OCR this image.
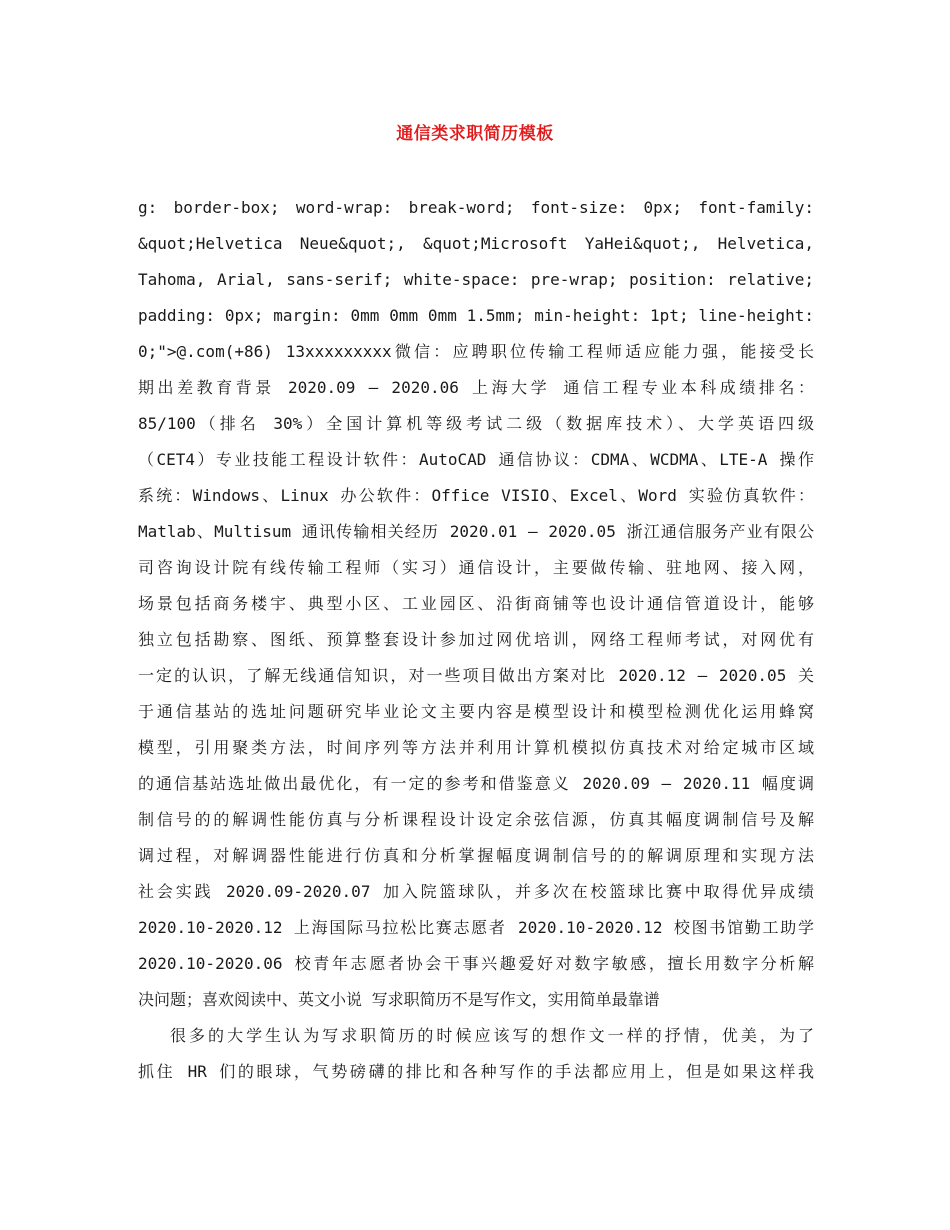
通信类求职简历模板

g: border-box; word-wrap: break-word; font-size: 0px; font-family:

&quot;Helvetica Neue&quot;, &quot;Microsoft YaHei&quot;, Helvetica,

Tahoma, Arial, sans-serif; white-space: pre-wrap; position: relative;

padding: 0px; margin: 0mm 0mm 0mm 1.5mm; min-height: 1pt; line-height:

0;">@.com(+86) 13xxxxxxxxx微信：应聘职位传输工程师适应能力强，能接受长

期出差教育背景 2020.09 – 2020.06 上海大学 通信工程专业本科成绩排名：

85/100（排名 30%）全国计算机等级考试二级（数据库技术）、大学英语四级

（CET4）专业技能工程设计软件：AutoCAD 通信协议：CDMA、WCDMA、LTE-A 操作

系统：Windows、Linux 办公软件：Office VISIO、Excel、Word 实验仿真软件：

Matlab、Multisum 通讯传输相关经历 2020.01 – 2020.05 浙江通信服务产业有限公

司咨询设计院有线传输工程师（实习）通信设计，主要做传输、驻地网、接入网，

场景包括商务楼宇、典型小区、工业园区、沿街商铺等也设计通信管道设计，能够

独立包括勘察、图纸、预算整套设计参加过网优培训，网络工程师考试，对网优有

一定的认识，了解无线通信知识，对一些项目做出方案对比 2020.12 – 2020.05 关

于通信基站的选址问题研究毕业论文主要内容是模型设计和模型检测优化运用蜂窝

模型，引用聚类方法，时间序列等方法并利用计算机模拟仿真技术对给定城市区域

的通信基站选址做出最优化，有一定的参考和借鉴意义 2020.09 – 2020.11 幅度调

制信号的的解调性能仿真与分析课程设计设定余弦信源，仿真其幅度调制信号及解

调过程，对解调器性能进行仿真和分析掌握幅度调制信号的的解调原理和实现方法

社会实践 2020.09-2020.07 加入院篮球队，并多次在校篮球比赛中取得优异成绩

2020.10-2020.12 上海国际马拉松比赛志愿者 2020.10-2020.12 校图书馆勤工助学

2020.10-2020.06 校青年志愿者协会干事兴趣爱好对数字敏感，擅长用数字分析解

决问题；喜欢阅读中、英文小说 写求职简历不是写作文，实用简单最靠谱

很多的大学生认为写求职简历的时候应该写的想作文一样的抒情，优美，为了

抓住 HR 们的眼球，气势磅礴的排比和各种写作的手法都应用上，但是如果这样我
